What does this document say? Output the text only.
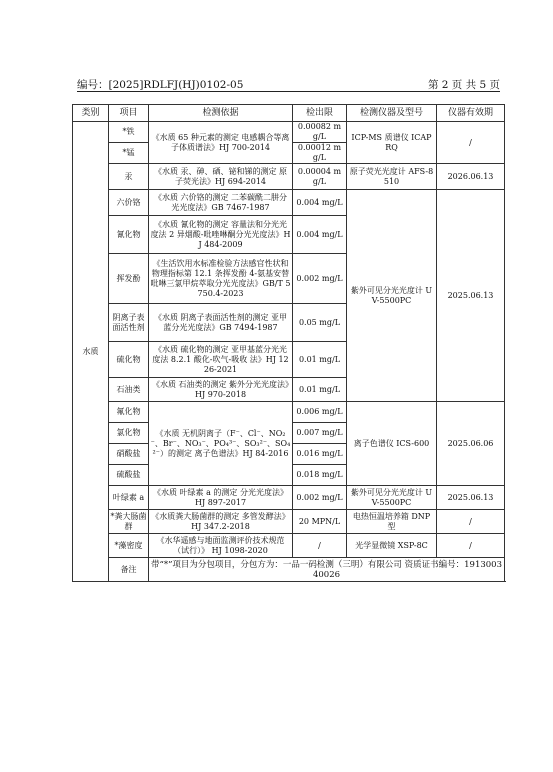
编号：[2025]RDLFJ(HJ)0102-05	第 2 页 共 5 页
类别	项目	检测依据	检出限	检测仪器及型号	仪器有效期
水质	*铁	《水质 65 种元素的测定 电感耦合等离子体质谱法》HJ 700-2014	0.00082 mg/L	ICP-MS 质谱仪 ICAP RQ	/
	*锰		0.00012 mg/L		
	汞	《水质 汞、砷、硒、铋和锑的测定 原子荧光法》HJ 694-2014	0.00004 mg/L	原子荧光光度计 AFS-8510	2026.06.13
	六价铬	《水质 六价铬的测定 二苯碳酰二肼分光光度法》GB 7467-1987	0.004 mg/L	紫外可见分光光度计 UV-5500PC	2025.06.13
	氰化物	《水质 氰化物的测定 容量法和分光光度法 2 异烟酸-吡唑啉酮分光光度法》HJ 484-2009	0.004 mg/L		
	挥发酚	《生活饮用水标准检验方法感官性状和物理指标第 12.1 条挥发酚 4-氨基安替吡啉三氯甲烷萃取分光光度法》GB/T 5750.4-2023	0.002 mg/L		
	阴离子表面活性剂	《水质 阴离子表面活性剂的测定 亚甲蓝分光光度法》GB 7494-1987	0.05 mg/L		
	硫化物	《水质 硫化物的测定 亚甲基蓝分光光度法 8.2.1 酸化-吹气-吸收 法》HJ 1226-2021	0.01 mg/L		
	石油类	《水质 石油类的测定 紫外分光光度法》HJ 970-2018	0.01 mg/L		
	氟化物	《水质 无机阴离子（F⁻、Cl⁻、NO₂⁻、Br⁻、NO₃⁻、PO₄³⁻、SO₃²⁻、SO₄²⁻）的测定 离子色谱法》HJ 84-2016	0.006 mg/L	离子色谱仪 ICS-600	2025.06.06
	氯化物		0.007 mg/L		
	硝酸盐		0.016 mg/L		
	硫酸盐		0.018 mg/L		
	叶绿素 a	《水质 叶绿素 a 的测定 分光光度法》HJ 897-2017	0.002 mg/L	紫外可见分光光度计 UV-5500PC	2025.06.13
	*粪大肠菌群	《水质粪大肠菌群的测定 多管发酵法》HJ 347.2-2018	20 MPN/L	电热恒温培养箱 DNP 型	/
	*藻密度	《水华遥感与地面监测评价技术规范（试行）》 HJ 1098-2020	/	光学显微镜 XSP-8C	/
	备注	带“*”项目为分包项目，分包方为：一品一码检测（三明）有限公司 资质证书编号：191300340026			
